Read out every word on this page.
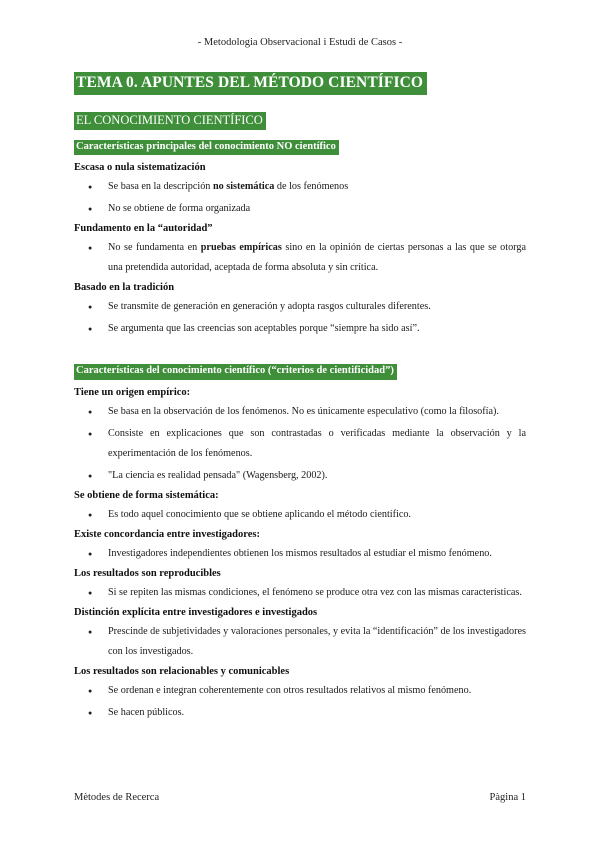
- Metodologia Observacional i Estudi de Casos -
TEMA 0. APUNTES DEL MÉTODO CIENTÍFICO
EL CONOCIMIENTO CIENTÍFICO
Características principales del conocimiento NO científico
Escasa o nula sistematización
● Se basa en la descripción no sistemática de los fenómenos
● No se obtiene de forma organizada
Fundamento en la “autoridad”
● No se fundamenta en pruebas empíricas sino en la opinión de ciertas personas a las que se otorga una pretendida autoridad, aceptada de forma absoluta y sin crítica.
Basado en la tradición
● Se transmite de generación en generación y adopta rasgos culturales diferentes.
● Se argumenta que las creencias son aceptables porque “siempre ha sido así”.
Características del conocimiento científico (“criterios de cientificidad”)
Tiene un origen empírico:
● Se basa en la observación de los fenómenos. No es únicamente especulativo (como la filosofía).
● Consiste en explicaciones que son contrastadas o verificadas mediante la observación y la experimentación de los fenómenos.
● "La ciencia es realidad pensada" (Wagensberg, 2002).
Se obtiene de forma sistemática:
● Es todo aquel conocimiento que se obtiene aplicando el método científico.
Existe concordancia entre investigadores:
● Investigadores independientes obtienen los mismos resultados al estudiar el mismo fenómeno.
Los resultados son reproducibles
● Si se repiten las mismas condiciones, el fenómeno se produce otra vez con las mismas características.
Distinción explícita entre investigadores e investigados
● Prescinde de subjetividades y valoraciones personales, y evita la “identificación” de los investigadores con los investigados.
Los resultados son relacionables y comunicables
● Se ordenan e integran coherentemente con otros resultados relativos al mismo fenómeno.
● Se hacen públicos.
Mètodes de Recerca	Pàgina 1
